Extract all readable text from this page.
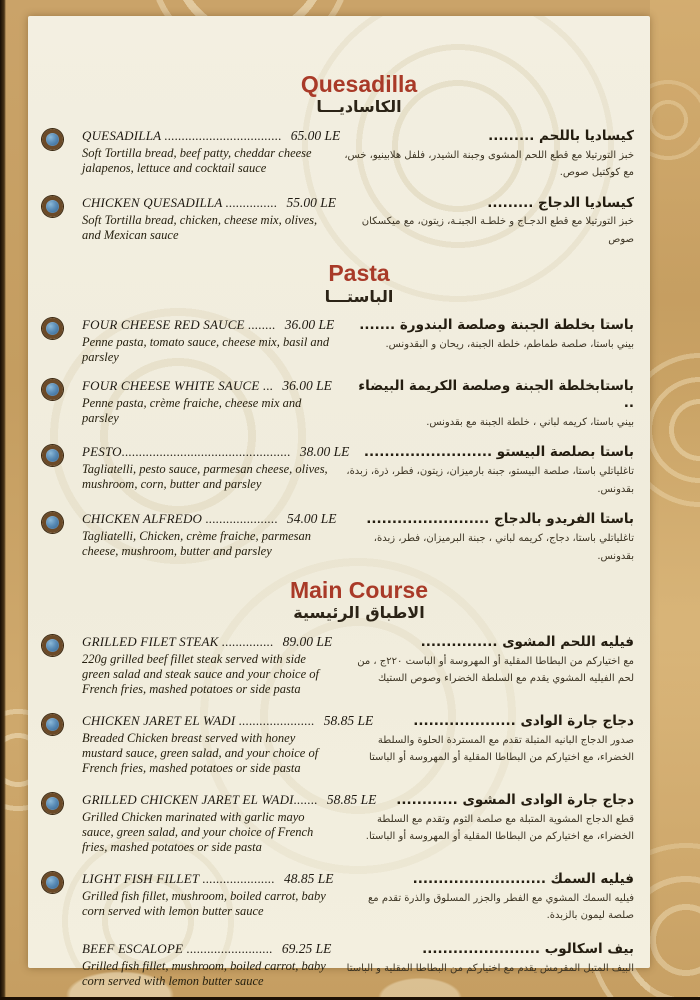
Quesadilla
الكاساديـــا
QUESADILLA .................................. 65.00 LE
Soft Tortilla bread, beef patty, cheddar cheese jalapenos, lettuce and cocktail sauce
كيساديا باللحم .........
خبز التورتيلا مع قطع اللحم المشوى وجبنة الشيدر، فلفل هلابينيو، خس، مع كوكتيل صوص.
CHICKEN QUESADILLA ............... 55.00 LE
Soft Tortilla bread, chicken, cheese mix, olives, and Mexican sauce
كيساديا الدجاج .........
خبز التورتيلا مع قطع الدجـاج و خلطـة الجبنـة، زيتون، مع ميكسكان صوص
Pasta
الباستـــا
FOUR CHEESE RED SAUCE ........ 36.00 LE
Penne pasta, tomato sauce, cheese mix, basil and parsley
باستا بخلطة الجبنة وصلصة البندورة .......
بيني باستا، صلصة طماطم، خلطة الجبنة، ريحان و البقدونس.
FOUR CHEESE WHITE SAUCE ... 36.00 LE
Penne pasta, crème fraiche, cheese mix and parsley
باستابخلطة الجبنة وصلصة الكريمة البيضاء ..
بيني باستا، كريمه لباني ، خلطة الجبنة مع بقدونس.
PESTO................................................. 38.00 LE
Tagliatelli, pesto sauce, parmesan cheese, olives, mushroom, corn, butter and parsley
باستا بصلصة البيستو .........................
تاغلياتلي باستا، صلصة البيستو، جبنة بارميزان، زيتون، فطر، ذرة، زبدة، بقدونس.
CHICKEN ALFREDO ..................... 54.00 LE
Tagliatelli, Chicken, crème fraiche, parmesan cheese, mushroom, butter and parsley
باستا الفريدو بالدجاج ........................
تاغلياتلي باستا، دجاج، كريمه لباني ، جبنة البرميزان، فطر، زبدة، بقدونس.
Main Course
الاطباق الرئيسية
GRILLED FILET STEAK ............... 89.00 LE
220g grilled beef fillet steak served with side green salad and steak sauce and your choice of French fries, mashed potatoes or side pasta
فيليه اللحم المشوى ...............
مع اختياركم من البطاطا المقلية أو المهروسة أو الباست ٢٢٠ج ، من لحم الفيليه المشوي يقدم مع السلطة الخضراء وصوص الستيك
CHICKEN JARET EL WADI ...................... 58.85 LE
Breaded Chicken breast served with honey mustard sauce, green salad, and your choice of French fries, mashed potatoes or side pasta
دجاج جارة الوادى ....................
صدور الدجاج البانيه المتبلة تقدم مع المستردة الحلوة والسلطة الخضراء، مع اختياركم من البطاطا المقلية أو المهروسة أو الباستا
GRILLED CHICKEN JARET EL WADI....... 58.85 LE
Grilled Chicken marinated with garlic mayo sauce, green salad, and your choice of French fries, mashed potatoes or side pasta
دجاج جارة الوادى المشوى ............
قطع الدجاج المشوية المتبلة مع صلصة الثوم وتقدم مع السلطة الخضراء، مع اختياركم من البطاطا المقلية أو المهروسة أو الباستا.
LIGHT FISH FILLET ..................... 48.85 LE
Grilled fish fillet, mushroom, boiled carrot, baby corn served with lemon butter sauce
فيليه السمك ..........................
فيليه السمك المشوي مع الفطر والجزر المسلوق والذرة تقدم مع صلصة ليمون بالزبدة.
BEEF ESCALOPE ......................... 69.25 LE
Grilled fish fillet, mushroom, boiled carrot, baby corn served with lemon butter sauce
بيف اسكالوب .......................
البيف المتبل المقرمش يقدم مع اختياركم من البطاطا المقلية و الباستا
